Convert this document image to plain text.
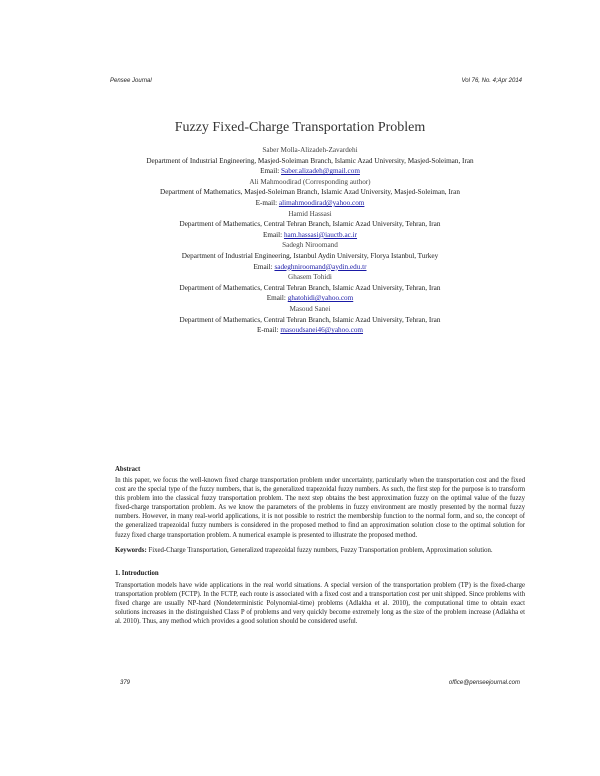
Pensee Journal	Vol 76, No. 4;Apr 2014
Fuzzy Fixed-Charge Transportation Problem
Saber Molla-Alizadeh-Zavardehi
Department of Industrial Engineering, Masjed-Soleiman Branch, Islamic Azad University, Masjed-Soleiman, Iran
Email: Saber.alizadeh@gmail.com
Ali Mahmoodirad (Corresponding author)
Department of Mathematics, Masjed-Soleiman Branch, Islamic Azad University, Masjed-Soleiman, Iran
E-mail: alimahmoodirad@yahoo.com
Hamid Hassasi
Department of Mathematics, Central Tehran Branch, Islamic Azad University, Tehran, Iran
Email: ham.hassasi@iauctb.ac.ir
Sadegh Niroomand
Department of Industrial Engineering, Istanbul Aydin University, Florya Istanbul, Turkey
Email: sadeghniroomand@aydin.edu.tr
Ghasem Tohidi
Department of Mathematics, Central Tehran Branch, Islamic Azad University, Tehran, Iran
Email: ghatohidi@yahoo.com
Masoud Sanei
Department of Mathematics, Central Tehran Branch, Islamic Azad University, Tehran, Iran
E-mail: masoudsanei46@yahoo.com
Abstract
In this paper, we focus the well-known fixed charge transportation problem under uncertainty, particularly when the transportation cost and the fixed cost are the special type of the fuzzy numbers, that is, the generalized trapezoidal fuzzy numbers. As such, the first step for the purpose is to transform this problem into the classical fuzzy transportation problem. The next step obtains the best approximation fuzzy on the optimal value of the fuzzy fixed-charge transportation problem. As we know the parameters of the problems in fuzzy environment are mostly presented by the normal fuzzy numbers. However, in many real-world applications, it is not possible to restrict the membership function to the normal form, and so, the concept of the generalized trapezoidal fuzzy numbers is considered in the proposed method to find an approximation solution close to the optimal solution for fuzzy fixed charge transportation problem. A numerical example is presented to illustrate the proposed method.
Keywords: Fixed-Charge Transportation, Generalized trapezoidal fuzzy numbers, Fuzzy Transportation problem, Approximation solution.
1. Introduction
Transportation models have wide applications in the real world situations. A special version of the transportation problem (TP) is the fixed-charge transportation problem (FCTP). In the FCTP, each route is associated with a fixed cost and a transportation cost per unit shipped. Since problems with fixed charge are usually NP-hard (Nondeterministic Polynomial-time) problems (Adlakha et al. 2010), the computational time to obtain exact solutions increases in the distinguished Class P of problems and very quickly become extremely long as the size of the problem increase (Adlakha et al. 2010). Thus, any method which provides a good solution should be considered useful.
379	office@penseejournal.com
